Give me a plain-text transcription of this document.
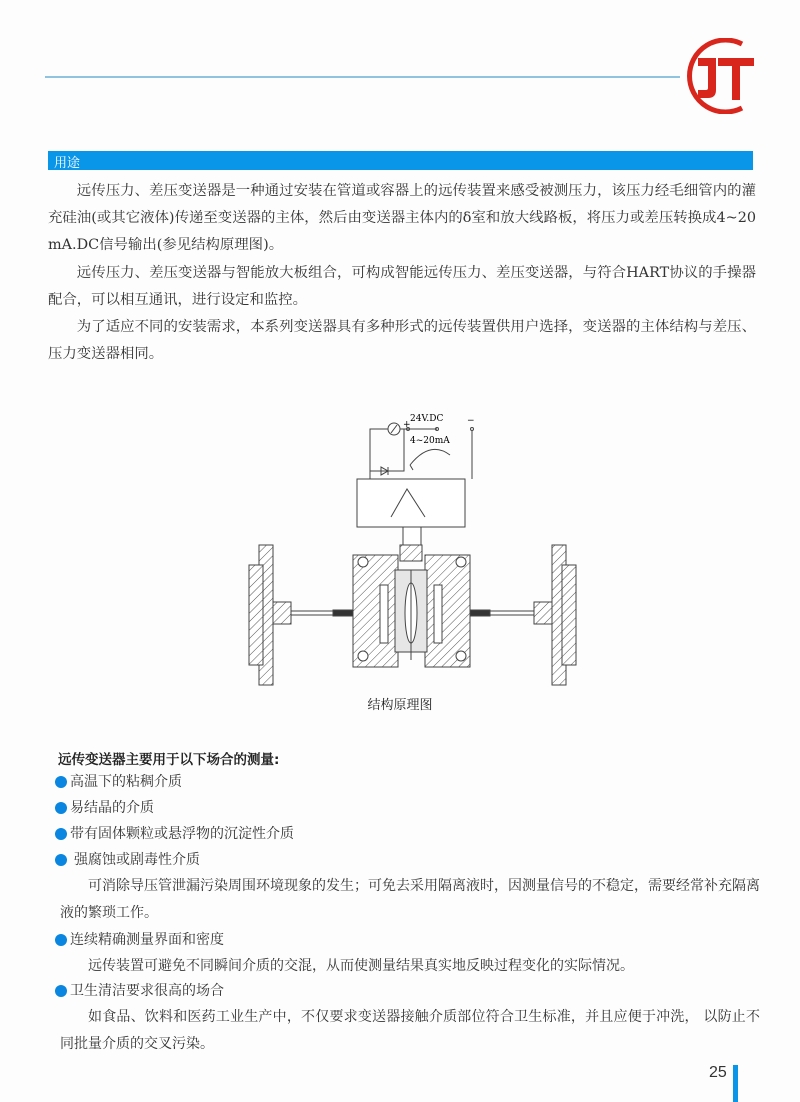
用途
远传压力、差压变送器是一种通过安装在管道或容器上的远传装置来感受被测压力，该压力经毛细管内的灌充硅油(或其它液体)传递至变送器的主体，然后由变送器主体内的δ室和放大线路板，将压力或差压转换成4~20 mA.DC信号输出(参见结构原理图)。
远传压力、差压变送器与智能放大板组合，可构成智能远传压力、差压变送器，与符合HART协议的手操器配合，可以相互通讯，进行设定和监控。
为了适应不同的安装需求，本系列变送器具有多种形式的远传装置供用户选择，变送器的主体结构与差压、压力变送器相同。
+
24V.DC	−
4~20mA
结构原理图
远传变送器主要用于以下场合的测量:
高温下的粘稠介质
易结晶的介质
带有固体颗粒或悬浮物的沉淀性介质
强腐蚀或剧毒性介质
可消除导压管泄漏污染周围环境现象的发生；可免去采用隔离液时，因测量信号的不稳定，需要经常补充隔离液的繁琐工作。
连续精确测量界面和密度
远传装置可避免不同瞬间介质的交混，从而使测量结果真实地反映过程变化的实际情况。
卫生清洁要求很高的场合
如食品、饮料和医药工业生产中，不仅要求变送器接触介质部位符合卫生标准，并且应便于冲洗， 以防止不同批量介质的交叉污染。
25
